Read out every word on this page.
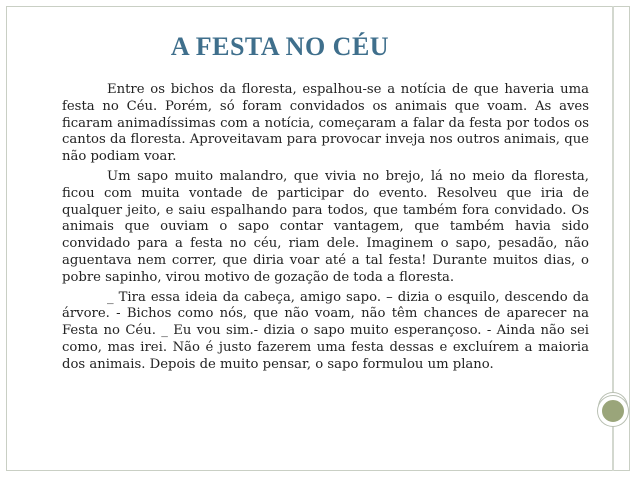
A FESTA NO CÉU

Entre os bichos da floresta, espalhou-se a notícia de que haveria uma festa no Céu. Porém, só foram convidados os animais que voam. As aves ficaram animadíssimas com a notícia, começaram a falar da festa por todos os cantos da floresta. Aproveitavam para provocar inveja nos outros animais, que não podiam voar.

Um sapo muito malandro, que vivia no brejo, lá no meio da floresta, ficou com muita vontade de participar do evento. Resolveu que iria de qualquer jeito, e saiu espalhando para todos, que também fora convidado. Os animais que ouviam o sapo contar vantagem, que também havia sido convidado para a festa no céu, riam dele. Imaginem o sapo, pesadão, não aguentava nem correr, que diria voar até a tal festa! Durante muitos dias, o pobre sapinho, virou motivo de gozação de toda a floresta.

_ Tira essa ideia da cabeça, amigo sapo. – dizia o esquilo, descendo da árvore. - Bichos como nós, que não voam, não têm chances de aparecer na Festa no Céu. _ Eu vou sim.- dizia o sapo muito esperançoso. - Ainda não sei como, mas irei. Não é justo fazerem uma festa dessas e excluírem a maioria dos animais. Depois de muito pensar, o sapo formulou um plano.
